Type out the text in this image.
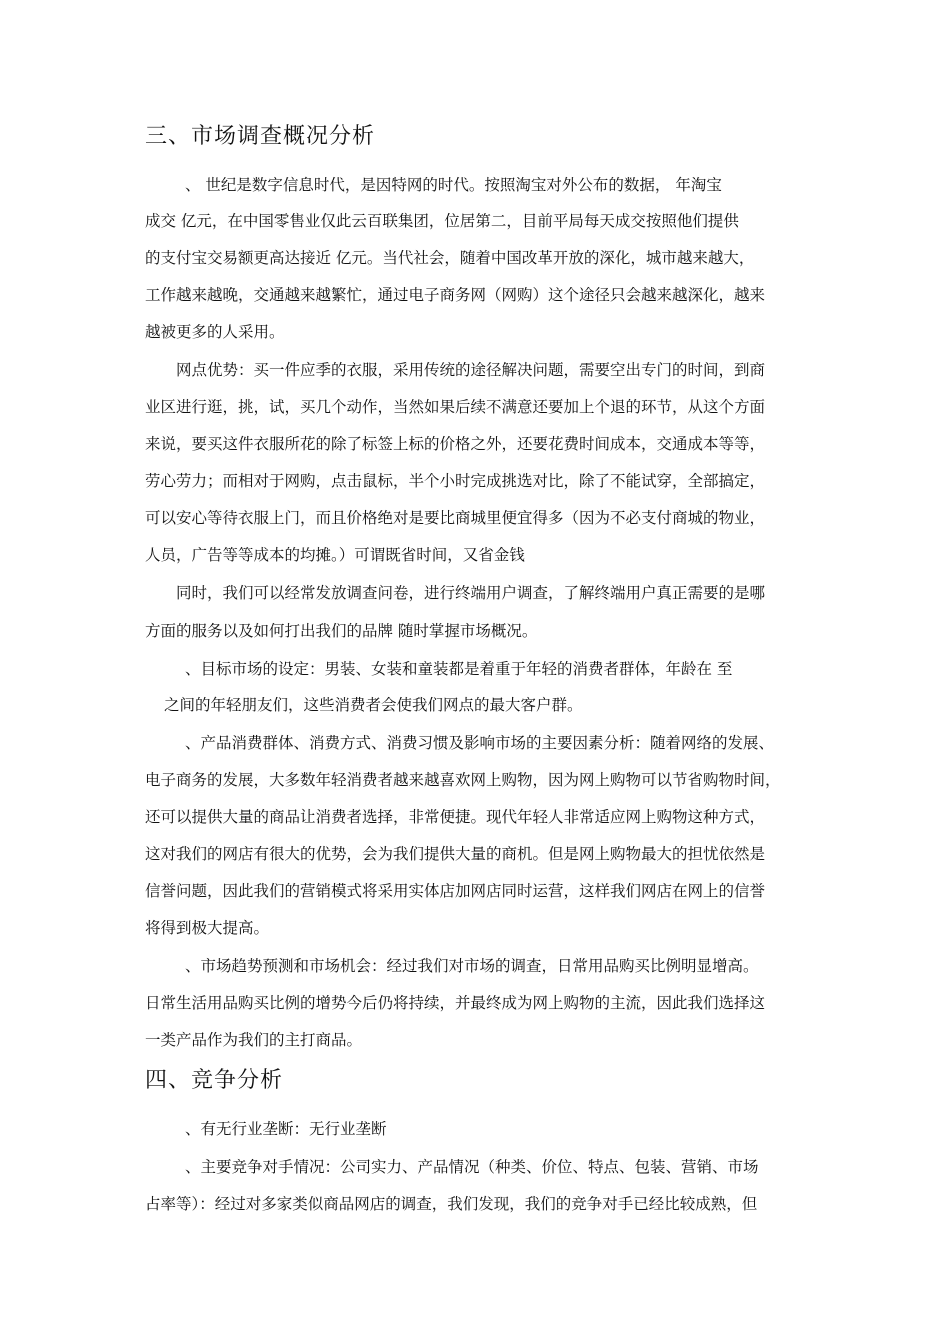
三、市场调查概况分析
、 世纪是数字信息时代，是因特网的时代。按照淘宝对外公布的数据， 年淘宝
成交 亿元，在中国零售业仅此云百联集团，位居第二，目前平局每天成交按照他们提供
的支付宝交易额更高达接近 亿元。当代社会，随着中国改革开放的深化，城市越来越大，
工作越来越晚，交通越来越繁忙，通过电子商务网（网购）这个途径只会越来越深化，越来
越被更多的人采用。
网点优势：买一件应季的衣服，采用传统的途径解决问题，需要空出专门的时间，到商
业区进行逛，挑，试，买几个动作，当然如果后续不满意还要加上个退的环节，从这个方面
来说，要买这件衣服所花的除了标签上标的价格之外，还要花费时间成本，交通成本等等，
劳心劳力；而相对于网购，点击鼠标，半个小时完成挑选对比，除了不能试穿，全部搞定，
可以安心等待衣服上门，而且价格绝对是要比商城里便宜得多（因为不必支付商城的物业，
人员，广告等等成本的均摊。）可谓既省时间，又省金钱
同时，我们可以经常发放调查问卷，进行终端用户调查，了解终端用户真正需要的是哪
方面的服务以及如何打出我们的品牌 随时掌握市场概况。
、目标市场的设定：男装、女装和童装都是着重于年轻的消费者群体，年龄在 至
之间的年轻朋友们，这些消费者会使我们网点的最大客户群。
、产品消费群体、消费方式、消费习惯及影响市场的主要因素分析：随着网络的发展、
电子商务的发展，大多数年轻消费者越来越喜欢网上购物，因为网上购物可以节省购物时间，
还可以提供大量的商品让消费者选择，非常便捷。现代年轻人非常适应网上购物这种方式，
这对我们的网店有很大的优势，会为我们提供大量的商机。但是网上购物最大的担忧依然是
信誉问题，因此我们的营销模式将采用实体店加网店同时运营，这样我们网店在网上的信誉
将得到极大提高。
、市场趋势预测和市场机会：经过我们对市场的调查，日常用品购买比例明显增高。
日常生活用品购买比例的增势今后仍将持续，并最终成为网上购物的主流，因此我们选择这
一类产品作为我们的主打商品。
四、竞争分析
、有无行业垄断：无行业垄断
、主要竞争对手情况：公司实力、产品情况（种类、价位、特点、包装、营销、市场
占率等）：经过对多家类似商品网店的调查，我们发现，我们的竞争对手已经比较成熟，但
